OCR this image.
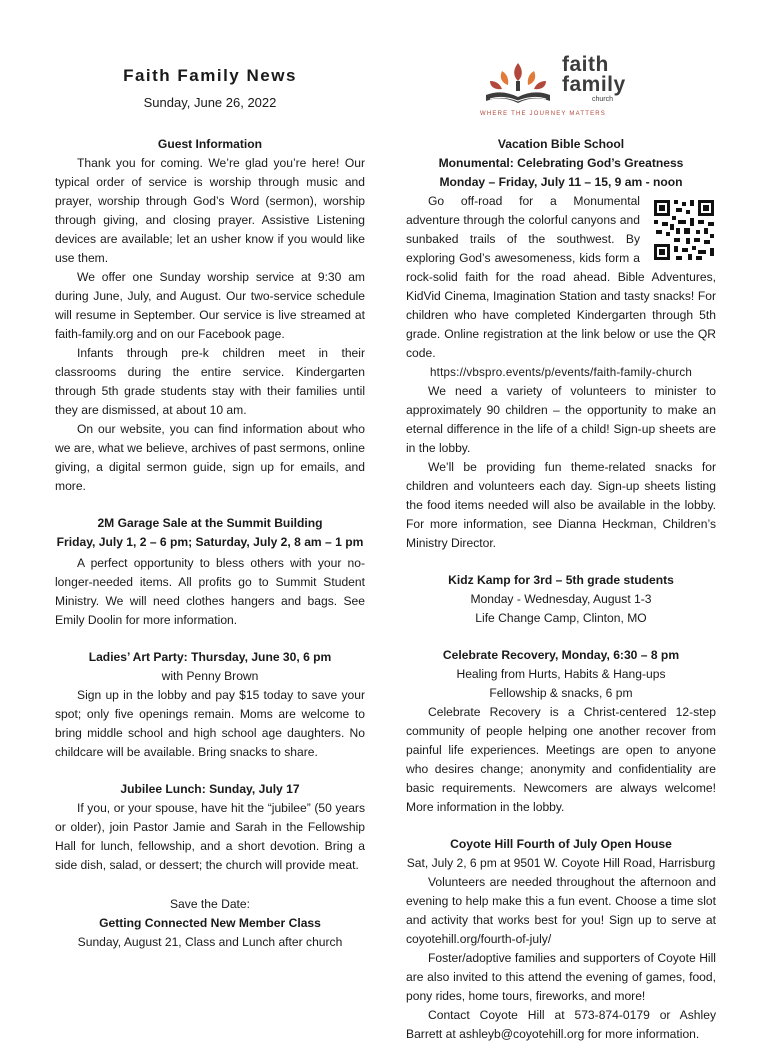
Faith Family News
Sunday, June 26, 2022
faith
family
church
WHERE THE JOURNEY MATTERS

Guest Information

Thank you for coming. We’re glad you’re here! Our typical order of service is worship through music and prayer, worship through God’s Word (sermon), worship through giving, and closing prayer. Assistive Listening devices are available; let an usher know if you would like use them.

We offer one Sunday worship service at 9:30 am during June, July, and August. Our two-service schedule will resume in September. Our service is live streamed at faith-family.org and on our Facebook page.

Infants through pre-k children meet in their classrooms during the entire service. Kindergarten through 5th grade students stay with their families until they are dismissed, at about 10 am.

On our website, you can find information about who we are, what we believe, archives of past sermons, online giving, a digital sermon guide, sign up for emails, and more.

2M Garage Sale at the Summit Building

Friday, July 1, 2 – 6 pm; Saturday, July 2, 8 am – 1 pm

A perfect opportunity to bless others with your no-longer-needed items. All profits go to Summit Student Ministry. We will need clothes hangers and bags. See Emily Doolin for more information.

Ladies’ Art Party: Thursday, June 30, 6 pm

with Penny Brown

Sign up in the lobby and pay $15 today to save your spot; only five openings remain. Moms are welcome to bring middle school and high school age daughters. No childcare will be available. Bring snacks to share.

Jubilee Lunch: Sunday, July 17

If you, or your spouse, have hit the “jubilee” (50 years or older), join Pastor Jamie and Sarah in the Fellowship Hall for lunch, fellowship, and a short devotion. Bring a side dish, salad, or dessert; the church will provide meat.

Save the Date:

Getting Connected New Member Class

Sunday, August 21, Class and Lunch after church

Vacation Bible School

Monumental: Celebrating God’s Greatness

Monday – Friday, July 11 – 15, 9 am - noon

Go off-road for a Monumental adventure through the colorful canyons and sunbaked trails of the southwest. By exploring God’s awesomeness, kids form a rock-solid faith for the road ahead. Bible Adventures, KidVid Cinema, Imagination Station and tasty snacks! For children who have completed Kindergarten through 5th grade. Online registration at the link below or use the QR code.

https://vbspro.events/p/events/faith-family-church

We need a variety of volunteers to minister to approximately 90 children – the opportunity to make an eternal difference in the life of a child! Sign-up sheets are in the lobby.

We’ll be providing fun theme-related snacks for children and volunteers each day. Sign-up sheets listing the food items needed will also be available in the lobby. For more information, see Dianna Heckman, Children’s Ministry Director.

Kidz Kamp for 3rd – 5th grade students

Monday - Wednesday, August 1-3

Life Change Camp, Clinton, MO

Celebrate Recovery, Monday, 6:30 – 8 pm

Healing from Hurts, Habits & Hang-ups

Fellowship & snacks, 6 pm

Celebrate Recovery is a Christ-centered 12-step community of people helping one another recover from painful life experiences. Meetings are open to anyone who desires change; anonymity and confidentiality are basic requirements. Newcomers are always welcome! More information in the lobby.

Coyote Hill Fourth of July Open House

Sat, July 2, 6 pm at 9501 W. Coyote Hill Road, Harrisburg

Volunteers are needed throughout the afternoon and evening to help make this a fun event. Choose a time slot and activity that works best for you! Sign up to serve at coyotehill.org/fourth-of-july/

Foster/adoptive families and supporters of Coyote Hill are also invited to this attend the evening of games, food, pony rides, home tours, fireworks, and more!

Contact Coyote Hill at 573-874-0179 or Ashley Barrett at ashleyb@coyotehill.org for more information.
